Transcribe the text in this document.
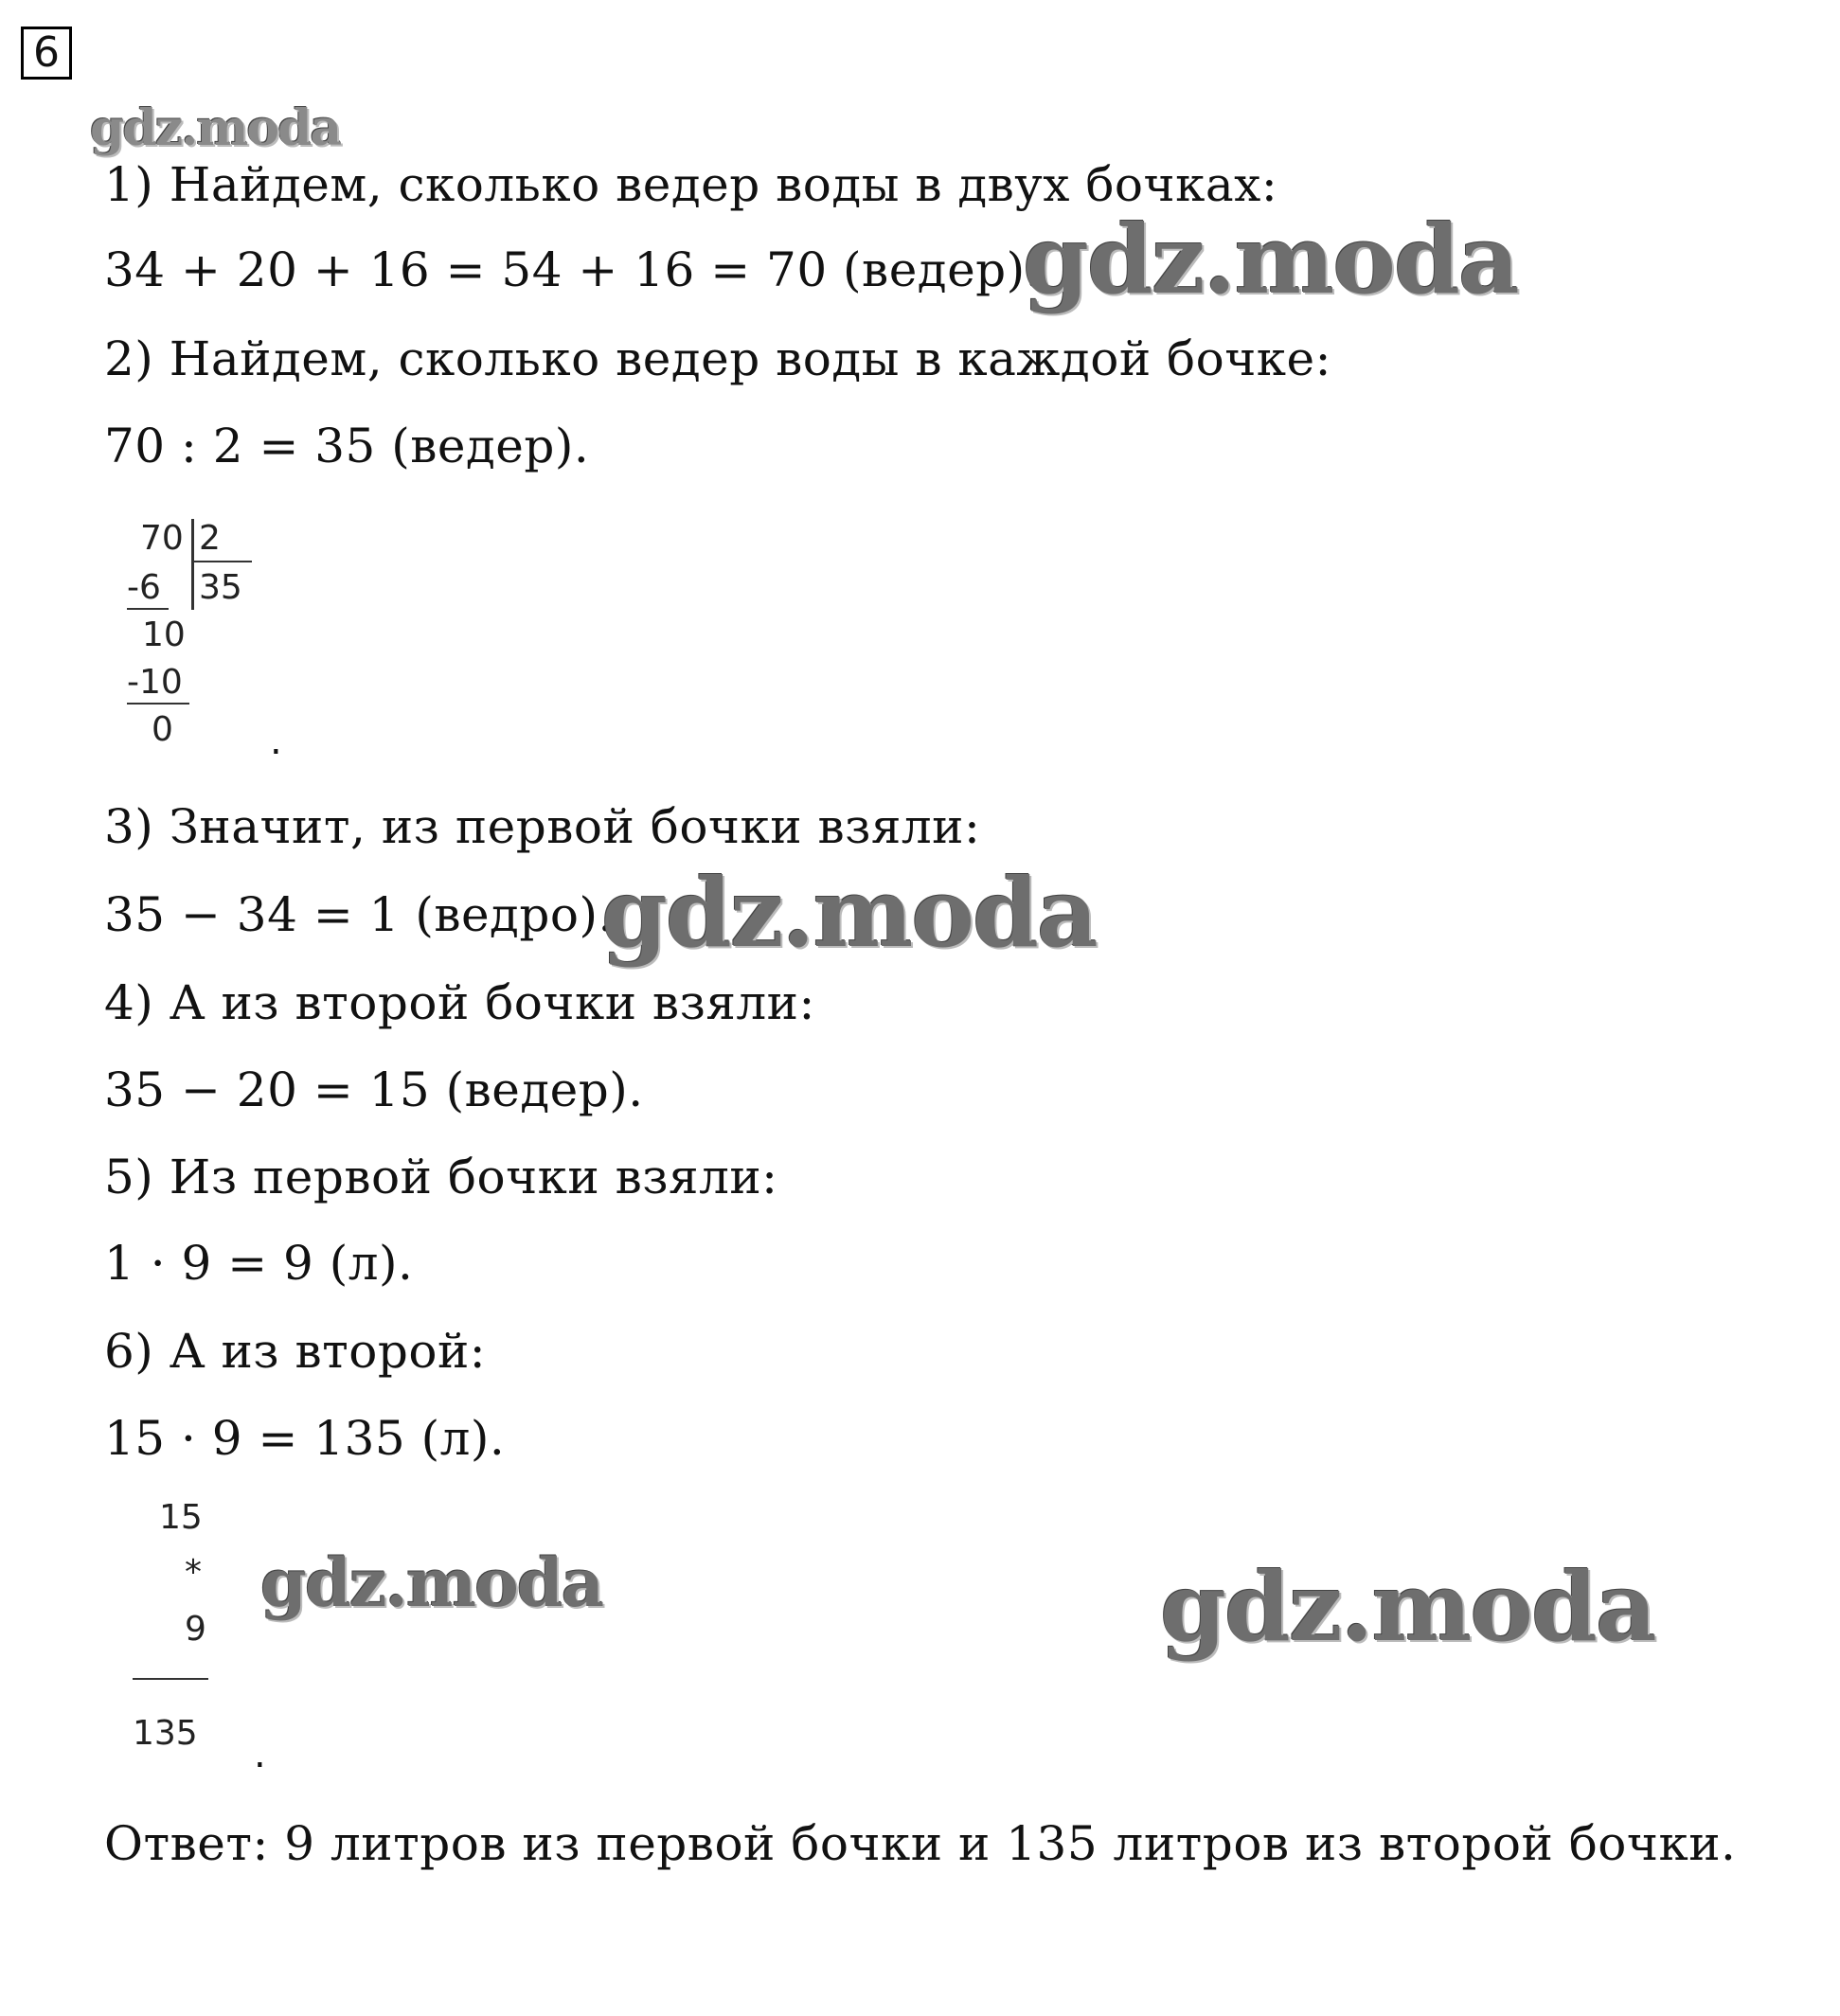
6
gdz.moda
1) Найдем, сколько ведер воды в двух бочках:
34 + 20 + 16 = 54 + 16 = 70 (ведер).
gdz.moda
2) Найдем, сколько ведер воды в каждой бочке:
70 : 2 = 35 (ведер).
70 2
-6 35
10
-10
0	.
3) Значит, из первой бочки взяли:
35 − 34 = 1 (ведро).
gdz.moda
4) А из второй бочки взяли:
35 − 20 = 15 (ведер).
5) Из первой бочки взяли:
1 · 9 = 9 (л).
6) А из второй:
15 · 9 = 135 (л).
15
*
9
135 .
gdz.moda	gdz.moda
Ответ: 9 литров из первой бочки и 135 литров из второй бочки.
